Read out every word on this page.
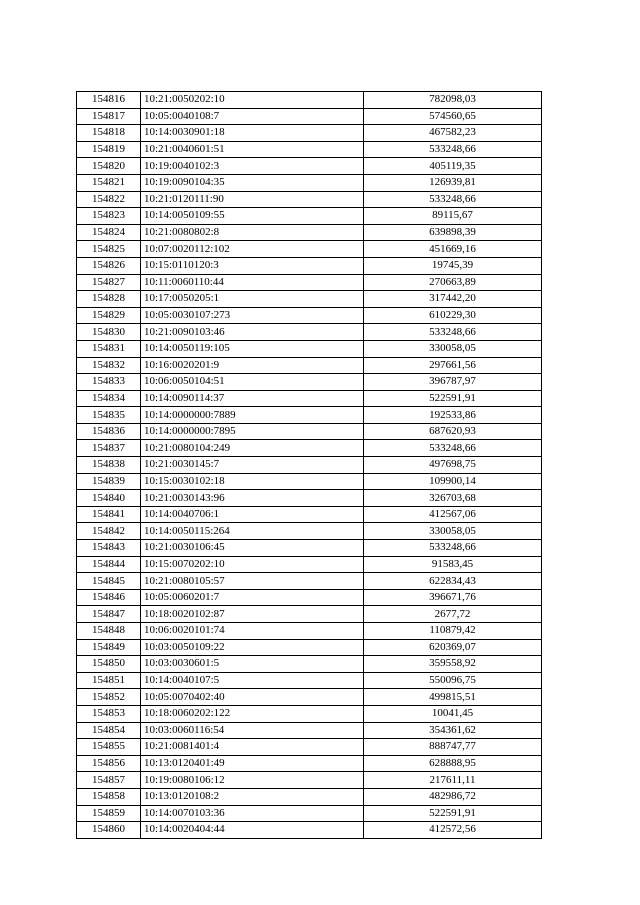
154816	10:21:0050202:10	782098,03
154817	10:05:0040108:7	574560,65
154818	10:14:0030901:18	467582,23
154819	10:21:0040601:51	533248,66
154820	10:19:0040102:3	405119,35
154821	10:19:0090104:35	126939,81
154822	10:21:0120111:90	533248,66
154823	10:14:0050109:55	89115,67
154824	10:21:0080802:8	639898,39
154825	10:07:0020112:102	451669,16
154826	10:15:0110120:3	19745,39
154827	10:11:0060110:44	270663,89
154828	10:17:0050205:1	317442,20
154829	10:05:0030107:273	610229,30
154830	10:21:0090103:46	533248,66
154831	10:14:0050119:105	330058,05
154832	10:16:0020201:9	297661,56
154833	10:06:0050104:51	396787,97
154834	10:14:0090114:37	522591,91
154835	10:14:0000000:7889	192533,86
154836	10:14:0000000:7895	687620,93
154837	10:21:0080104:249	533248,66
154838	10:21:0030145:7	497698,75
154839	10:15:0030102:18	109900,14
154840	10:21:0030143:96	326703,68
154841	10:14:0040706:1	412567,06
154842	10:14:0050115:264	330058,05
154843	10:21:0030106:45	533248,66
154844	10:15:0070202:10	91583,45
154845	10:21:0080105:57	622834,43
154846	10:05:0060201:7	396671,76
154847	10:18:0020102:87	2677,72
154848	10:06:0020101:74	110879,42
154849	10:03:0050109:22	620369,07
154850	10:03:0030601:5	359558,92
154851	10:14:0040107:5	550096,75
154852	10:05:0070402:40	499815,51
154853	10:18:0060202:122	10041,45
154854	10:03:0060116:54	354361,62
154855	10:21:0081401:4	888747,77
154856	10:13:0120401:49	628888,95
154857	10:19:0080106:12	217611,11
154858	10:13:0120108:2	482986,72
154859	10:14:0070103:36	522591,91
154860	10:14:0020404:44	412572,56
